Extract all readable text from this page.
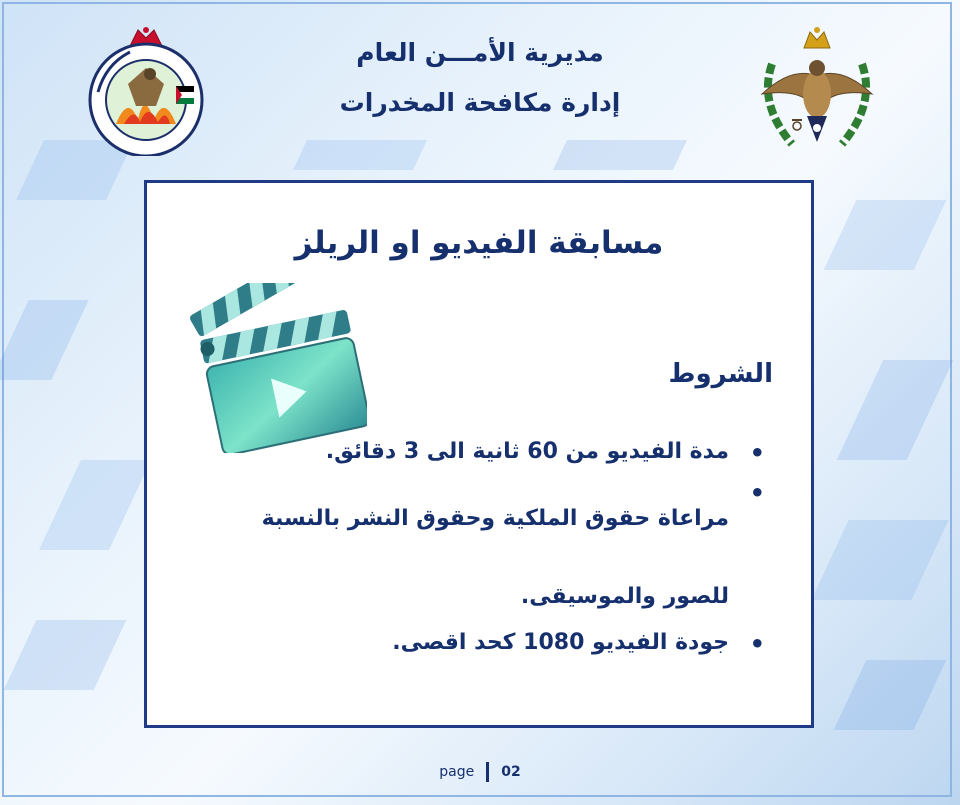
مديرية الأمـــن العام
إدارة مكافحة المخدرات
مسابقة الفيديو او الريلز
الشروط
•
مدة الفيديو من 60 ثانية الى 3 دقائق.
•
مراعاة حقوق الملكية وحقوق النشر بالنسبة للصور والموسيقى.
•
جودة الفيديو 1080 كحد اقصى.
page 02
